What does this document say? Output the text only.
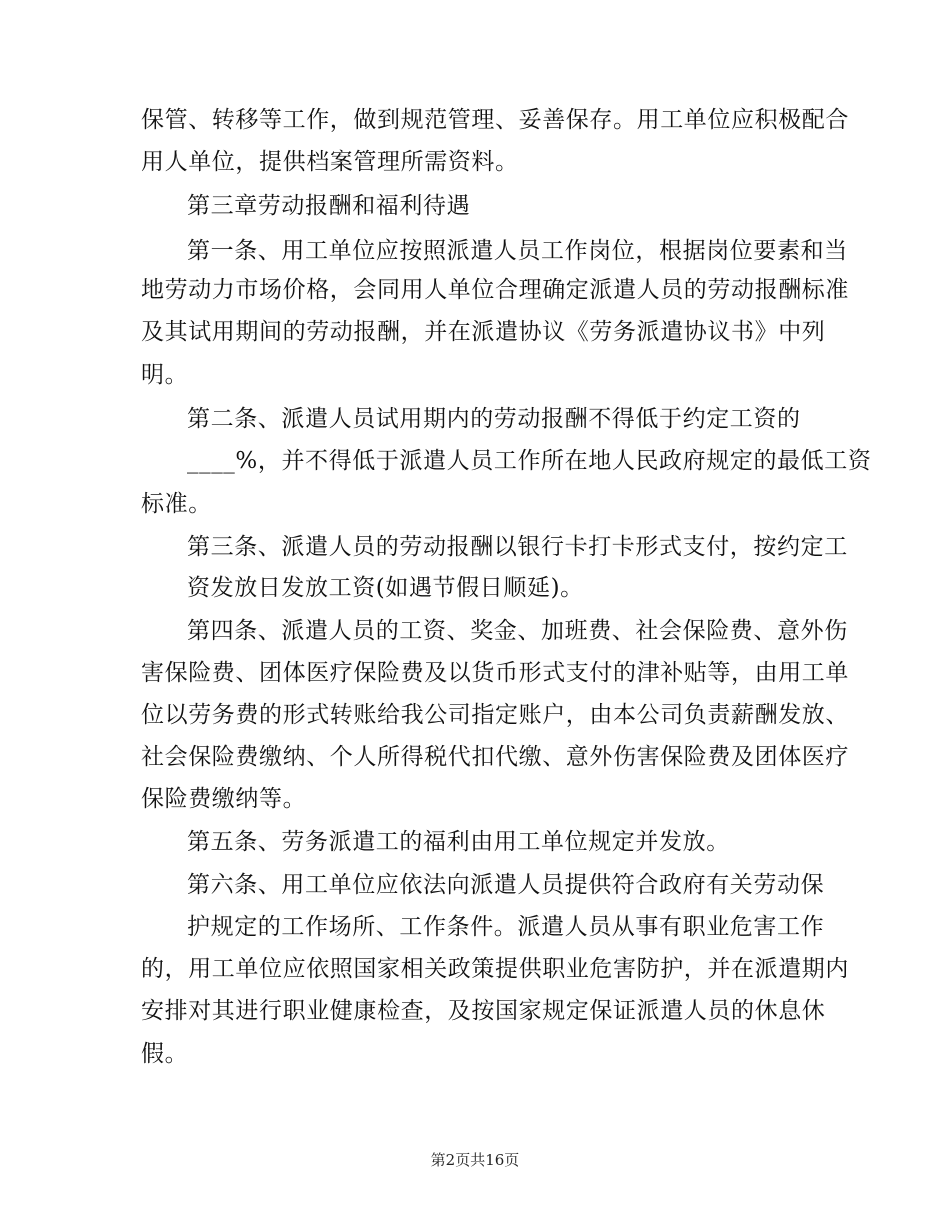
保管、转移等工作，做到规范管理、妥善保存。用工单位应积极配合
用人单位，提供档案管理所需资料。
第三章劳动报酬和福利待遇
第一条、用工单位应按照派遣人员工作岗位，根据岗位要素和当
地劳动力市场价格，会同用人单位合理确定派遣人员的劳动报酬标准
及其试用期间的劳动报酬，并在派遣协议《劳务派遣协议书》中列
明。
第二条、派遣人员试用期内的劳动报酬不得低于约定工资的
____%，并不得低于派遣人员工作所在地人民政府规定的最低工资
标准。
第三条、派遣人员的劳动报酬以银行卡打卡形式支付，按约定工
资发放日发放工资(如遇节假日顺延)。
第四条、派遣人员的工资、奖金、加班费、社会保险费、意外伤
害保险费、团体医疗保险费及以货币形式支付的津补贴等，由用工单
位以劳务费的形式转账给我公司指定账户，由本公司负责薪酬发放、
社会保险费缴纳、个人所得税代扣代缴、意外伤害保险费及团体医疗
保险费缴纳等。
第五条、劳务派遣工的福利由用工单位规定并发放。
第六条、用工单位应依法向派遣人员提供符合政府有关劳动保
护规定的工作场所、工作条件。派遣人员从事有职业危害工作
的，用工单位应依照国家相关政策提供职业危害防护，并在派遣期内
安排对其进行职业健康检查，及按国家规定保证派遣人员的休息休
假。
第2页共16页
